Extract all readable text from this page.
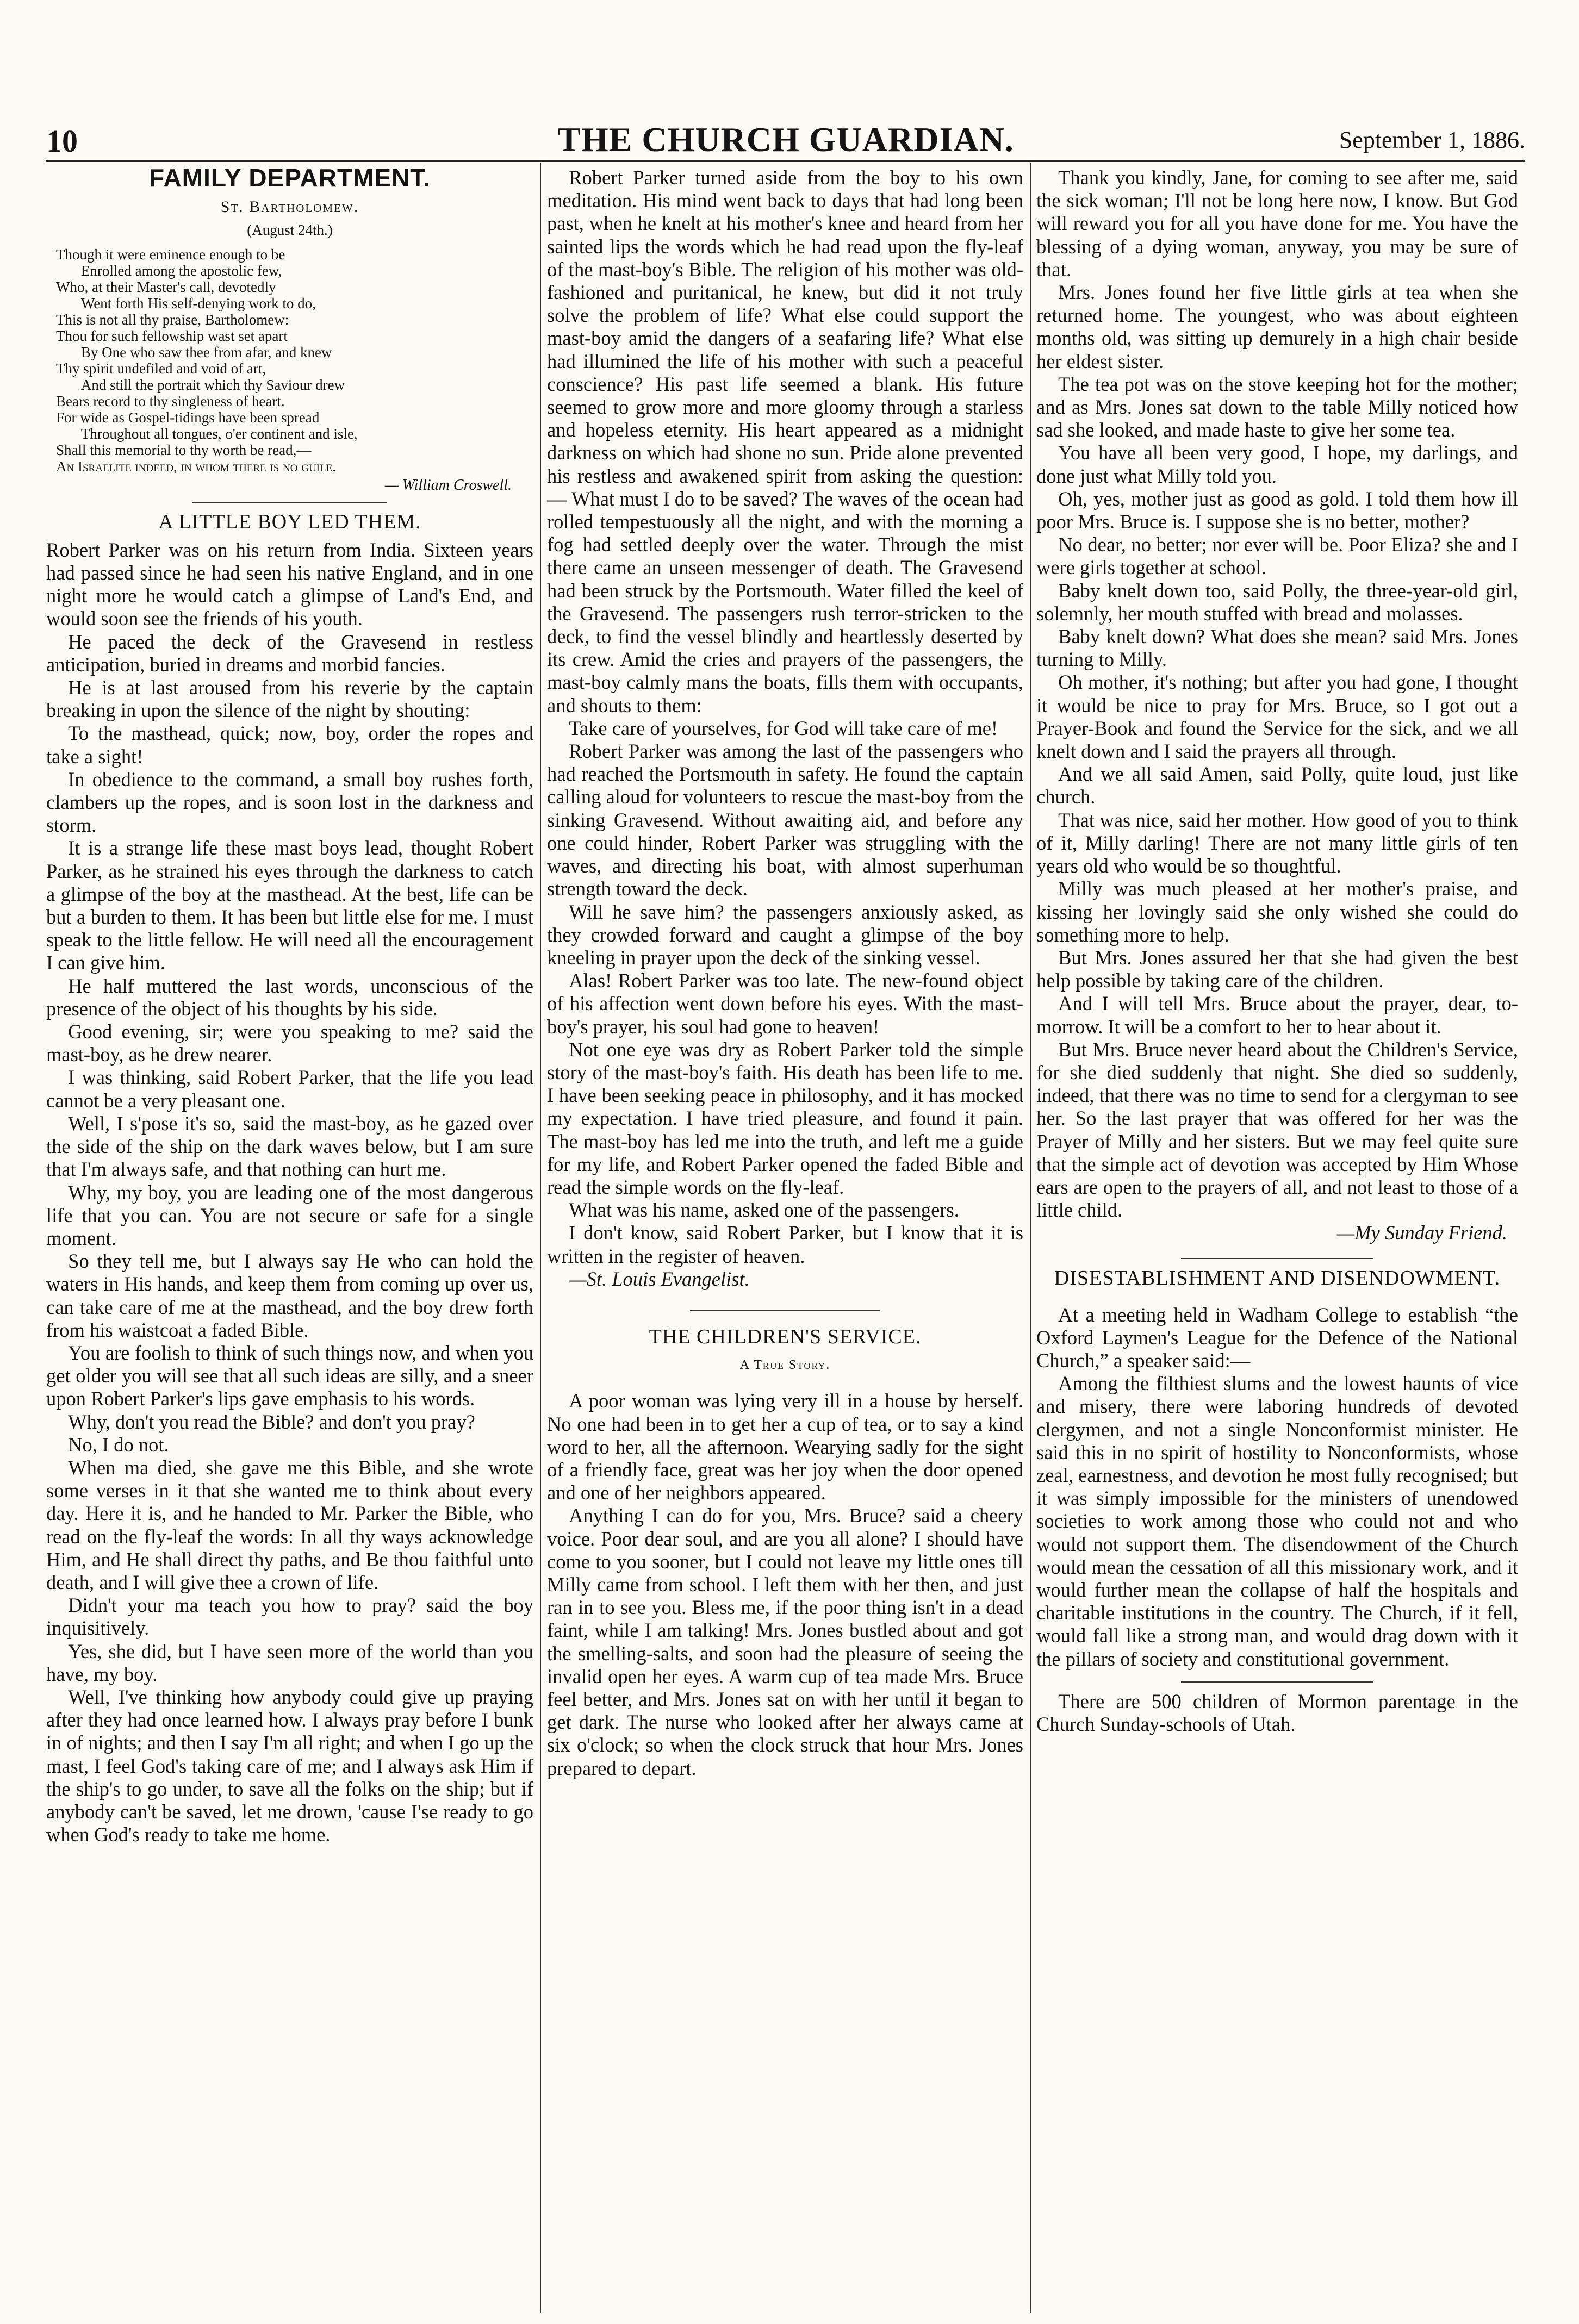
10	THE CHURCH GUARDIAN.	September 1, 1886.
FAMILY DEPARTMENT.
St. Bartholomew.
(August 24th.)
Though it were eminence enough to be
Enrolled among the apostolic few,
Who, at their Master's call, devotedly
Went forth His self-denying work to do,
This is not all thy praise, Bartholomew:
Thou for such fellowship wast set apart
By One who saw thee from afar, and knew
Thy spirit undefiled and void of art,
And still the portrait which thy Saviour drew
Bears record to thy singleness of heart.
For wide as Gospel-tidings have been spread
Throughout all tongues, o'er continent and isle,
Shall this memorial to thy worth be read,—
An Israelite indeed, in whom there is no guile.
— William Croswell.
A LITTLE BOY LED THEM.

Robert Parker was on his return from India. Sixteen years had passed since he had seen his native England, and in one night more he would catch a glimpse of Land's End, and would soon see the friends of his youth.

He paced the deck of the Gravesend in restless anticipation, buried in dreams and morbid fancies.

He is at last aroused from his reverie by the captain breaking in upon the silence of the night by shouting:

To the masthead, quick; now, boy, order the ropes and take a sight!

In obedience to the command, a small boy rushes forth, clambers up the ropes, and is soon lost in the darkness and storm.

It is a strange life these mast boys lead, thought Robert Parker, as he strained his eyes through the darkness to catch a glimpse of the boy at the masthead. At the best, life can be but a burden to them. It has been but little else for me. I must speak to the little fellow. He will need all the encouragement I can give him.

He half muttered the last words, unconscious of the presence of the object of his thoughts by his side.

Good evening, sir; were you speaking to me? said the mast-boy, as he drew nearer.

I was thinking, said Robert Parker, that the life you lead cannot be a very pleasant one.

Well, I s'pose it's so, said the mast-boy, as he gazed over the side of the ship on the dark waves below, but I am sure that I'm always safe, and that nothing can hurt me.

Why, my boy, you are leading one of the most dangerous life that you can. You are not secure or safe for a single moment.

So they tell me, but I always say He who can hold the waters in His hands, and keep them from coming up over us, can take care of me at the masthead, and the boy drew forth from his waistcoat a faded Bible.

You are foolish to think of such things now, and when you get older you will see that all such ideas are silly, and a sneer upon Robert Parker's lips gave emphasis to his words.

Why, don't you read the Bible? and don't you pray?

No, I do not.

When ma died, she gave me this Bible, and she wrote some verses in it that she wanted me to think about every day. Here it is, and he handed to Mr. Parker the Bible, who read on the fly-leaf the words: In all thy ways acknowledge Him, and He shall direct thy paths, and Be thou faithful unto death, and I will give thee a crown of life.

Didn't your ma teach you how to pray? said the boy inquisitively.

Yes, she did, but I have seen more of the world than you have, my boy.

Well, I've thinking how anybody could give up praying after they had once learned how. I always pray before I bunk in of nights; and then I say I'm all right; and when I go up the mast, I feel God's taking care of me; and I always ask Him if the ship's to go under, to save all the folks on the ship; but if anybody can't be saved, let me drown, 'cause I'se ready to go when God's ready to take me home.

Robert Parker turned aside from the boy to his own meditation. His mind went back to days that had long been past, when he knelt at his mother's knee and heard from her sainted lips the words which he had read upon the fly-leaf of the mast-boy's Bible. The religion of his mother was old-fashioned and puritanical, he knew, but did it not truly solve the problem of life? What else could support the mast-boy amid the dangers of a seafaring life? What else had illumined the life of his mother with such a peaceful conscience? His past life seemed a blank. His future seemed to grow more and more gloomy through a starless and hopeless eternity. His heart appeared as a midnight darkness on which had shone no sun. Pride alone prevented his restless and awakened spirit from asking the question:— What must I do to be saved? The waves of the ocean had rolled tempestuously all the night, and with the morning a fog had settled deeply over the water. Through the mist there came an unseen messenger of death. The Gravesend had been struck by the Portsmouth. Water filled the keel of the Gravesend. The passengers rush terror-stricken to the deck, to find the vessel blindly and heartlessly deserted by its crew. Amid the cries and prayers of the passengers, the mast-boy calmly mans the boats, fills them with occupants, and shouts to them:

Take care of yourselves, for God will take care of me!

Robert Parker was among the last of the passengers who had reached the Portsmouth in safety. He found the captain calling aloud for volunteers to rescue the mast-boy from the sinking Gravesend. Without awaiting aid, and before any one could hinder, Robert Parker was struggling with the waves, and directing his boat, with almost superhuman strength toward the deck.

Will he save him? the passengers anxiously asked, as they crowded forward and caught a glimpse of the boy kneeling in prayer upon the deck of the sinking vessel.

Alas! Robert Parker was too late. The new-found object of his affection went down before his eyes. With the mast-boy's prayer, his soul had gone to heaven!

Not one eye was dry as Robert Parker told the simple story of the mast-boy's faith. His death has been life to me. I have been seeking peace in philosophy, and it has mocked my expectation. I have tried pleasure, and found it pain. The mast-boy has led me into the truth, and left me a guide for my life, and Robert Parker opened the faded Bible and read the simple words on the fly-leaf.

What was his name, asked one of the passengers.

I don't know, said Robert Parker, but I know that it is written in the register of heaven.

—St. Louis Evangelist.

THE CHILDREN'S SERVICE.
A True Story.

A poor woman was lying very ill in a house by herself. No one had been in to get her a cup of tea, or to say a kind word to her, all the afternoon. Wearying sadly for the sight of a friendly face, great was her joy when the door opened and one of her neighbors appeared.

Anything I can do for you, Mrs. Bruce? said a cheery voice. Poor dear soul, and are you all alone? I should have come to you sooner, but I could not leave my little ones till Milly came from school. I left them with her then, and just ran in to see you. Bless me, if the poor thing isn't in a dead faint, while I am talking! Mrs. Jones bustled about and got the smelling-salts, and soon had the pleasure of seeing the invalid open her eyes. A warm cup of tea made Mrs. Bruce feel better, and Mrs. Jones sat on with her until it began to get dark. The nurse who looked after her always came at six o'clock; so when the clock struck that hour Mrs. Jones prepared to depart.

Thank you kindly, Jane, for coming to see after me, said the sick woman; I'll not be long here now, I know. But God will reward you for all you have done for me. You have the blessing of a dying woman, anyway, you may be sure of that.

Mrs. Jones found her five little girls at tea when she returned home. The youngest, who was about eighteen months old, was sitting up demurely in a high chair beside her eldest sister.

The tea pot was on the stove keeping hot for the mother; and as Mrs. Jones sat down to the table Milly noticed how sad she looked, and made haste to give her some tea.

You have all been very good, I hope, my darlings, and done just what Milly told you.

Oh, yes, mother just as good as gold. I told them how ill poor Mrs. Bruce is. I suppose she is no better, mother?

No dear, no better; nor ever will be. Poor Eliza? she and I were girls together at school.

Baby knelt down too, said Polly, the three-year-old girl, solemnly, her mouth stuffed with bread and molasses.

Baby knelt down? What does she mean? said Mrs. Jones turning to Milly.

Oh mother, it's nothing; but after you had gone, I thought it would be nice to pray for Mrs. Bruce, so I got out a Prayer-Book and found the Service for the sick, and we all knelt down and I said the prayers all through.

And we all said Amen, said Polly, quite loud, just like church.

That was nice, said her mother. How good of you to think of it, Milly darling! There are not many little girls of ten years old who would be so thoughtful.

Milly was much pleased at her mother's praise, and kissing her lovingly said she only wished she could do something more to help.

But Mrs. Jones assured her that she had given the best help possible by taking care of the children.

And I will tell Mrs. Bruce about the prayer, dear, to-morrow. It will be a comfort to her to hear about it.

But Mrs. Bruce never heard about the Children's Service, for she died suddenly that night. She died so suddenly, indeed, that there was no time to send for a clergyman to see her. So the last prayer that was offered for her was the Prayer of Milly and her sisters. But we may feel quite sure that the simple act of devotion was accepted by Him Whose ears are open to the prayers of all, and not least to those of a little child.

—My Sunday Friend.

DISESTABLISHMENT AND DISENDOWMENT.

At a meeting held in Wadham College to establish “the Oxford Laymen's League for the Defence of the National Church,” a speaker said:—

Among the filthiest slums and the lowest haunts of vice and misery, there were laboring hundreds of devoted clergymen, and not a single Nonconformist minister. He said this in no spirit of hostility to Nonconformists, whose zeal, earnestness, and devotion he most fully recognised; but it was simply impossible for the ministers of unendowed societies to work among those who could not and who would not support them. The disendowment of the Church would mean the cessation of all this missionary work, and it would further mean the collapse of half the hospitals and charitable institutions in the country. The Church, if it fell, would fall like a strong man, and would drag down with it the pillars of society and constitutional government.

There are 500 children of Mormon parentage in the Church Sunday-schools of Utah.
